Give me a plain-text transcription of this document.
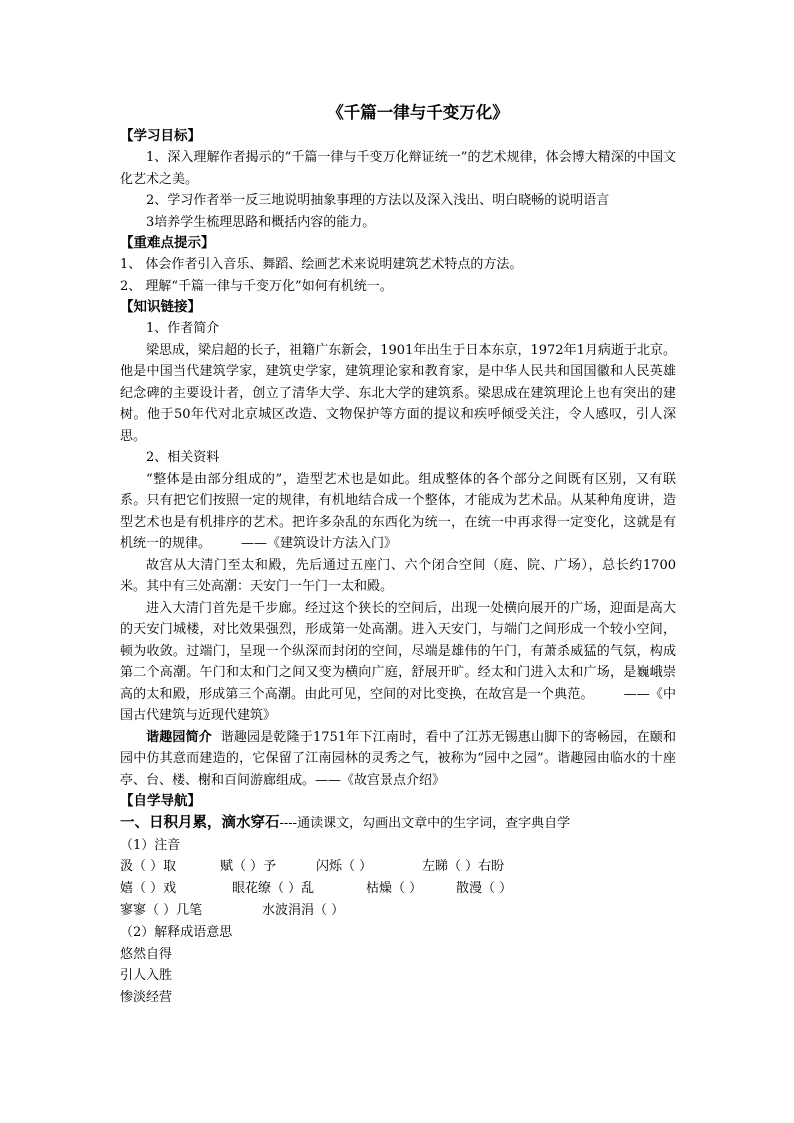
《千篇一律与千变万化》
【学习目标】

1、深入理解作者揭示的“千篇一律与千变万化辩证统一”的艺术规律，体会博大精深的中国文化艺术之美。

2、学习作者举一反三地说明抽象事理的方法以及深入浅出、明白晓畅的说明语言

3培养学生梳理思路和概括内容的能力。

【重难点提示】

1、 体会作者引入音乐、舞蹈、绘画艺术来说明建筑艺术特点的方法。

2、 理解“千篇一律与千变万化”如何有机统一。

【知识链接】

1、作者简介

梁思成，梁启超的长子，祖籍广东新会，1901年出生于日本东京，1972年1月病逝于北京。他是中国当代建筑学家，建筑史学家，建筑理论家和教育家，是中华人民共和国国徽和人民英雄纪念碑的主要设计者，创立了清华大学、东北大学的建筑系。梁思成在建筑理论上也有突出的建树。他于50年代对北京城区改造、文物保护等方面的提议和疾呼倾受关注，令人感叹，引人深思。

2、相关资料

“整体是由部分组成的”，造型艺术也是如此。组成整体的各个部分之间既有区别，又有联系。只有把它们按照一定的规律，有机地结合成一个整体，才能成为艺术品。从某种角度讲，造型艺术也是有机排序的艺术。把许多杂乱的东西化为统一，在统一中再求得一定变化，这就是有机统一的规律。 ——《建筑设计方法入门》

故宫从大清门至太和殿，先后通过五座门、六个闭合空间（庭、院、广场），总长约1700米。其中有三处高潮：天安门一午门一太和殿。

进入大清门首先是千步廊。经过这个狭长的空间后，出现一处横向展开的广场，迎面是高大的天安门城楼，对比效果强烈，形成第一处高潮。进入天安门，与端门之间形成一个较小空间，顿为收敛。过端门，呈现一个纵深而封闭的空间，尽端是雄伟的午门，有萧杀威猛的气氛，构成第二个高潮。午门和太和门之间又变为横向广庭，舒展开旷。经太和门进入太和广场，是巍峨崇高的太和殿，形成第三个高潮。由此可见，空间的对比变换，在故宫是一个典范。 ——《中国古代建筑与近现代建筑》

谐趣园简介 谐趣园是乾隆于1751年下江南时，看中了江苏无锡惠山脚下的寄畅园，在颐和园中仿其意而建造的，它保留了江南园林的灵秀之气，被称为“园中之园”。谐趣园由临水的十座亭、台、楼、榭和百间游廊组成。——《故宫景点介绍》

【自学导航】

一、日积月累，滴水穿石----通读课文，勾画出文章中的生字词，查字典自学

（1）注音

汲（ ）取	赋（ ）予	闪烁（ ）	左睇（ ）右盼
嬉（ ）戏	眼花缭（ ）乱	枯燥（ ）	散漫（ ）
寥寥（ ）几笔	水波涓涓（ ）

（2）解释成语意思

悠然自得

引人入胜

惨淡经营
